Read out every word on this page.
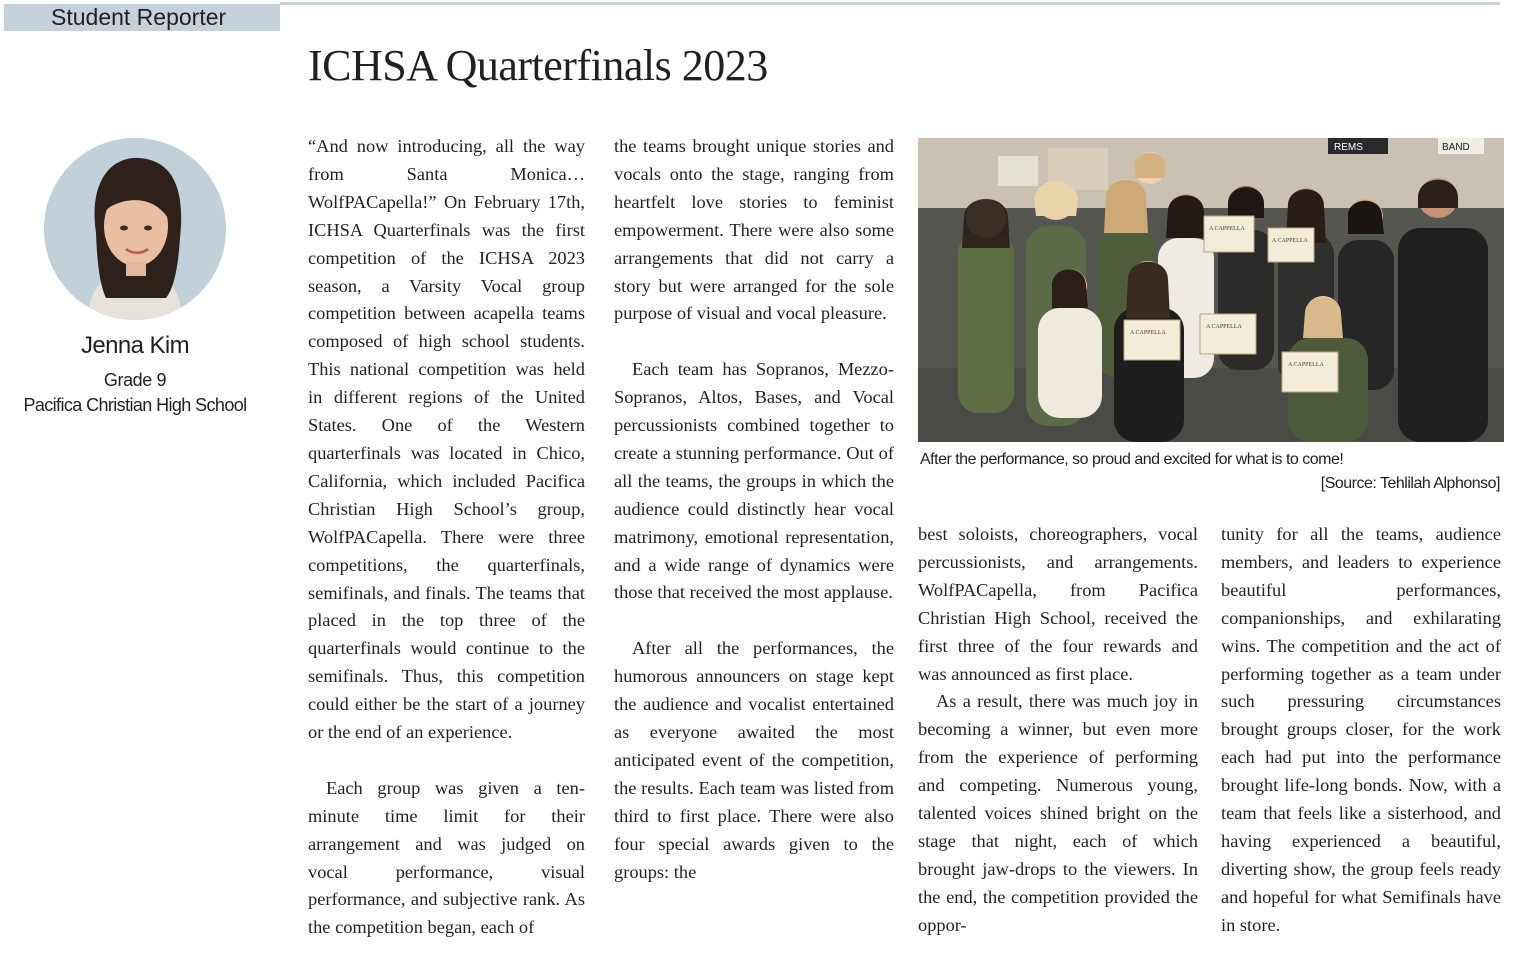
Student Reporter
ICHSA Quarterfinals 2023
Jenna Kim
Grade 9
Pacifica Christian High School

“And now introducing, all the way from Santa Monica… WolfPACapella!” On February 17th, ICHSA Quarterfinals was the first competition of the ICHSA 2023 season, a Varsity Vocal group competition between acapella teams composed of high school students. This national competition was held in different regions of the United States. One of the Western quarterfinals was located in Chico, California, which included Pacifica Christian High School’s group, WolfPACapella. There were three competitions, the quarterfinals, semifinals, and finals. The teams that placed in the top three of the quarterfinals would continue to the semifinals. Thus, this competition could either be the start of a journey or the end of an experience.

Each group was given a ten-minute time limit for their arrangement and was judged on vocal performance, visual performance, and subjective rank. As the competition began, each of

the teams brought unique stories and vocals onto the stage, ranging from heartfelt love stories to feminist empowerment. There were also some arrangements that did not carry a story but were arranged for the sole purpose of visual and vocal pleasure.

Each team has Sopranos, Mezzo-Sopranos, Altos, Bases, and Vocal percussionists combined together to create a stunning performance. Out of all the teams, the groups in which the audience could distinctly hear vocal matrimony, emotional representation, and a wide range of dynamics were those that received the most applause.

After all the performances, the humorous announcers on stage kept the audience and vocalist entertained as everyone awaited the most anticipated event of the competition, the results. Each team was listed from third to first place. There were also four special awards given to the groups: the

REMS	BAND
A CAPPELLA
A CAPPELLA
A CAPPELLA
A CAPPELLA
A CAPPELLA
After the performance, so proud and excited for what is to come!
[Source: Tehlilah Alphonso]

best soloists, choreographers, vocal percussionists, and arrangements. WolfPACapella, from Pacifica Christian High School, received the first three of the four rewards and was announced as first place.

As a result, there was much joy in becoming a winner, but even more from the experience of performing and competing. Numerous young, talented voices shined bright on the stage that night, each of which brought jaw-drops to the viewers. In the end, the competition provided the oppor-

tunity for all the teams, audience members, and leaders to experience beautiful performances, companionships, and exhilarating wins. The competition and the act of performing together as a team under such pressuring circumstances brought groups closer, for the work each had put into the performance brought life-long bonds. Now, with a team that feels like a sisterhood, and having experienced a beautiful, diverting show, the group feels ready and hopeful for what Semifinals have in store.
